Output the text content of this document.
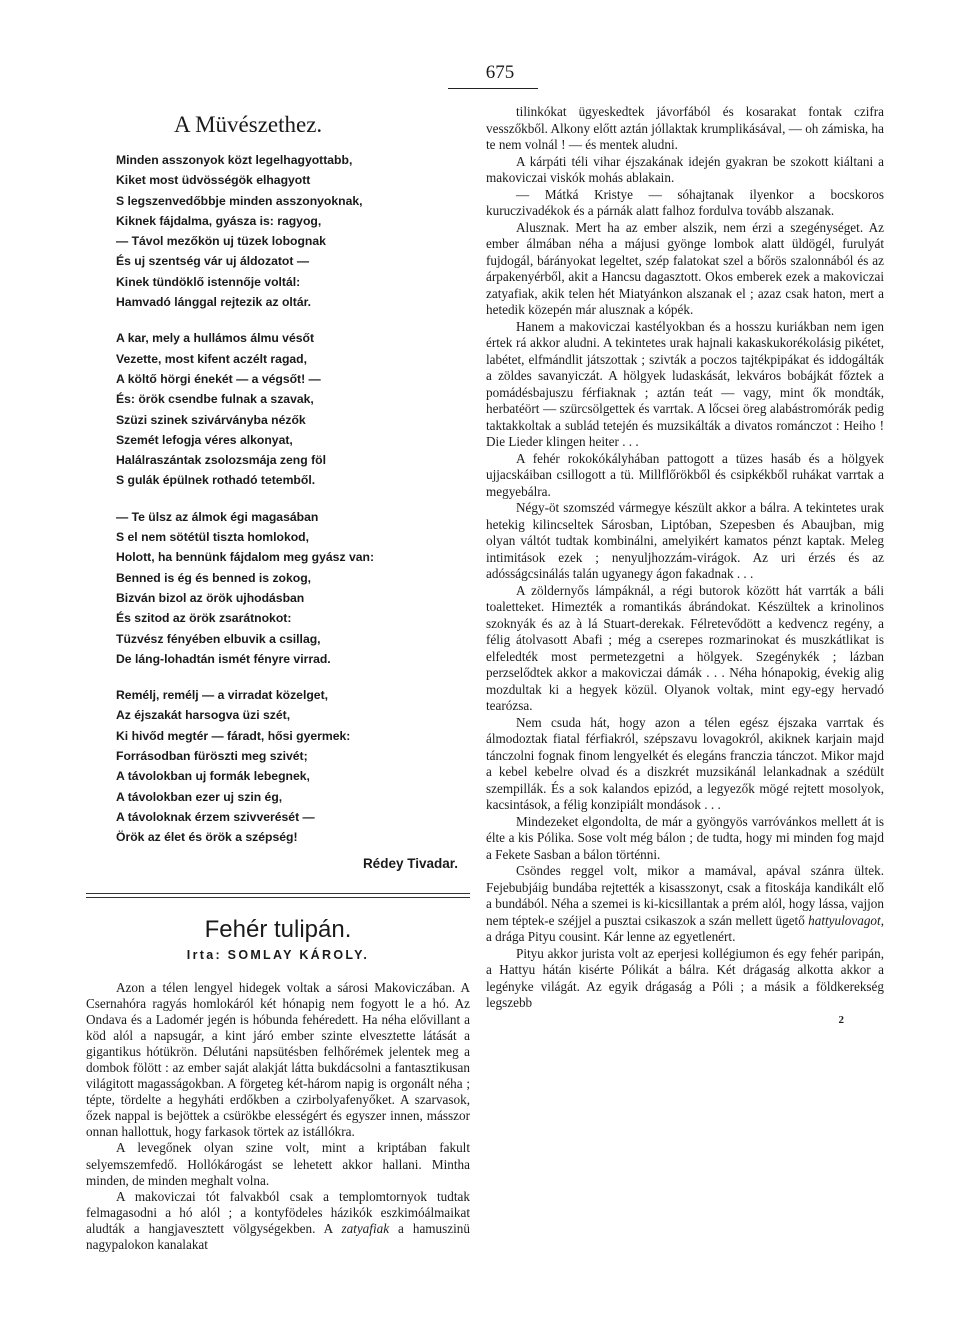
675
A Müvészethez.
Minden asszonyok közt legelhagyottabb,
Kiket most üdvösségök elhagyott
S legszenvedőbbje minden asszonyoknak,
Kiknek fájdalma, gyásza is: ragyog,
— Távol mezőkön uj tüzek lobognak
És uj szentség vár uj áldozatot —
Kinek tündöklő istennője voltál:
Hamvadó lánggal rejtezik az oltár.
A kar, mely a hullámos álmu vésőt
Vezette, most kifent aczélt ragad,
A költő hörgi énekét — a végsőt! —
És: örök csendbe fulnak a szavak,
Szüzi szinek szivárványba nézők
Szemét lefogja véres alkonyat,
Halálraszántak zsolozsmája zeng föl
S gulák épülnek rothadó tetemből.
— Te ülsz az álmok égi magasában
S el nem sötétül tiszta homlokod,
Holott, ha bennünk fájdalom meg gyász van:
Benned is ég és benned is zokog,
Bizván bizol az örök ujhodásban
És szitod az örök zsarátnokot:
Tüzvész fényében elbuvik a csillag,
De láng-lohadtán ismét fényre virrad.
Remélj, remélj — a virradat közelget,
Az éjszakát harsogva üzi szét,
Ki hivőd megtér — fáradt, hősi gyermek:
Forrásodban füröszti meg szivét;
A távolokban uj formák lebegnek,
A távolokban ezer uj szin ég,
A távoloknak érzem szivverését —
Örök az élet és örök a szépség!
Rédey Tivadar.
Fehér tulipán.
Irta: SOMLAY KÁROLY.

Azon a télen lengyel hidegek voltak a sárosi Makoviczában. A Csernahóra ragyás homlokáról két hónapig nem fogyott le a hó. Az Ondava és a Ladomér jegén is hóbunda fehéredett. Ha néha elővillant a köd alól a napsugár, a kint járó ember szinte elvesztette látását a gigantikus hótükrön. Délutáni napsütésben felhőrémek jelentek meg a dombok fölött : az ember saját alakját látta bukdácsolni a fantasztikusan világitott magasságokban. A förgeteg két-három napig is orgonált néha ; tépte, tördelte a hegyháti erdőkben a czirbolyafenyőket. A szarvasok, őzek nappal is bejöttek a csürökbe elességért és egyszer innen, másszor onnan hallottuk, hogy farkasok törtek az istállókra.

A levegőnek olyan szine volt, mint a kriptában fakult selyemszemfedő. Hollókárogást se lehetett akkor hallani. Mintha minden, de minden meghalt volna.

A makoviczai tót falvakból csak a templomtornyok tudtak felmagasodni a hó alól ; a kontyfödeles házikók eszkimóálmaikat aludták a hangjavesztett völgységekben. A zatyafiak a hamuszinü nagypalokon kanalakat

tilinkókat ügyeskedtek jávorfából és kosarakat fontak czifra vesszőkből. Alkony előtt aztán jóllaktak krumplikásával, — oh zámiska, ha te nem volnál ! — és mentek aludni.

A kárpáti téli vihar éjszakának idején gyakran be szokott kiáltani a makoviczai viskók mohás ablakain.

— Mátká Kristye — sóhajtanak ilyenkor a bocskoros kuruczivadékok és a párnák alatt falhoz fordulva tovább alszanak.

Alusznak. Mert ha az ember alszik, nem érzi a szegénységet. Az ember álmában néha a májusi gyönge lombok alatt üldögél, furulyát fujdogál, bárányokat legeltet, szép falatokat szel a bőrös szalonnából és az árpakenyérből, akit a Hancsu dagasztott. Okos emberek ezek a makoviczai zatyafiak, akik telen hét Miatyánkon alszanak el ; azaz csak haton, mert a hetedik közepén már alusznak a kópék.

Hanem a makoviczai kastélyokban és a hosszu kuriákban nem igen értek rá akkor aludni. A tekintetes urak hajnali kakaskukorékolásig pikétet, labétet, elfmándlit játszottak ; szivták a poczos tajtékpipákat és iddogálták a zöldes savanyiczát. A hölgyek ludaskását, lekváros bobájkát főztek a pomádésbajuszu férfiaknak ; aztán teát — vagy, mint ők mondták, herbatéört — szürcsölgettek és varrtak. A lőcsei öreg alabástromórák pedig taktakkoltak a sublád tetején és muzsikálták a divatos románczot : Heiho ! Die Lieder klingen heiter . . .

A fehér rokokókályhában pattogott a tüzes hasáb és a hölgyek ujjacskáiban csillogott a tü. Millflőrökből és csipkékből ruhákat varrtak a megyebálra.

Négy-öt szomszéd vármegye készült akkor a bálra. A tekintetes urak hetekig kilincseltek Sárosban, Liptóban, Szepesben és Abaujban, mig olyan váltót tudtak kombinálni, amelyikért kamatos pénzt kaptak. Meleg intimitások ezek ; nenyuljhozzám-virágok. Az uri érzés és az adósságcsinálás talán ugyanegy ágon fakadnak . . .

A zöldernyős lámpáknál, a régi butorok között hát varrták a báli toaletteket. Himezték a romantikás ábrándokat. Készültek a krinolinos szoknyák és az à lá Stuart-derekak. Félretevődött a kedvencz regény, a félig átolvasott Abafi ; még a cserepes rozmarinokat és muszkátlikat is elfeledték most permetezgetni a hölgyek. Szegénykék ; lázban perzselődtek akkor a makoviczai dámák . . . Néha hónapokig, évekig alig mozdultak ki a hegyek közül. Olyanok voltak, mint egy-egy hervadó tearózsa.

Nem csuda hát, hogy azon a télen egész éjszaka varrtak és álmodoztak fiatal férfiakról, szépszavu lovagokról, akiknek karjain majd tánczolni fognak finom lengyelkét és elegáns franczia tánczot. Mikor majd a kebel kebelre olvad és a diszkrét muzsikánál lelankadnak a szédült szempillák. És a sok kalandos epizód, a legyezők mögé rejtett mosolyok, kacsintások, a félig konzipiált mondások . . .

Mindezeket elgondolta, de már a gyöngyös varróvánkos mellett át is élte a kis Pólika. Sose volt még bálon ; de tudta, hogy mi minden fog majd a Fekete Sasban a bálon történni.

Csöndes reggel volt, mikor a mamával, apával szánra ültek. Fejebubjáig bundába rejtették a kisasszonyt, csak a fitoskája kandikált elő a bundából. Néha a szemei is ki-kicsillantak a prém alól, hogy lássa, vajjon nem téptek-e széjjel a pusztai csikaszok a szán mellett ügető hattyulovagot, a drága Pityu cousint. Kár lenne az egyetlenért.

Pityu akkor jurista volt az eperjesi kollégiumon és egy fehér paripán, a Hattyu hátán kisérte Pólikát a bálra. Két drágaság alkotta akkor a legénykе világát. Az egyik drágaság a Póli ; a másik a földkerekség legszebb

2
